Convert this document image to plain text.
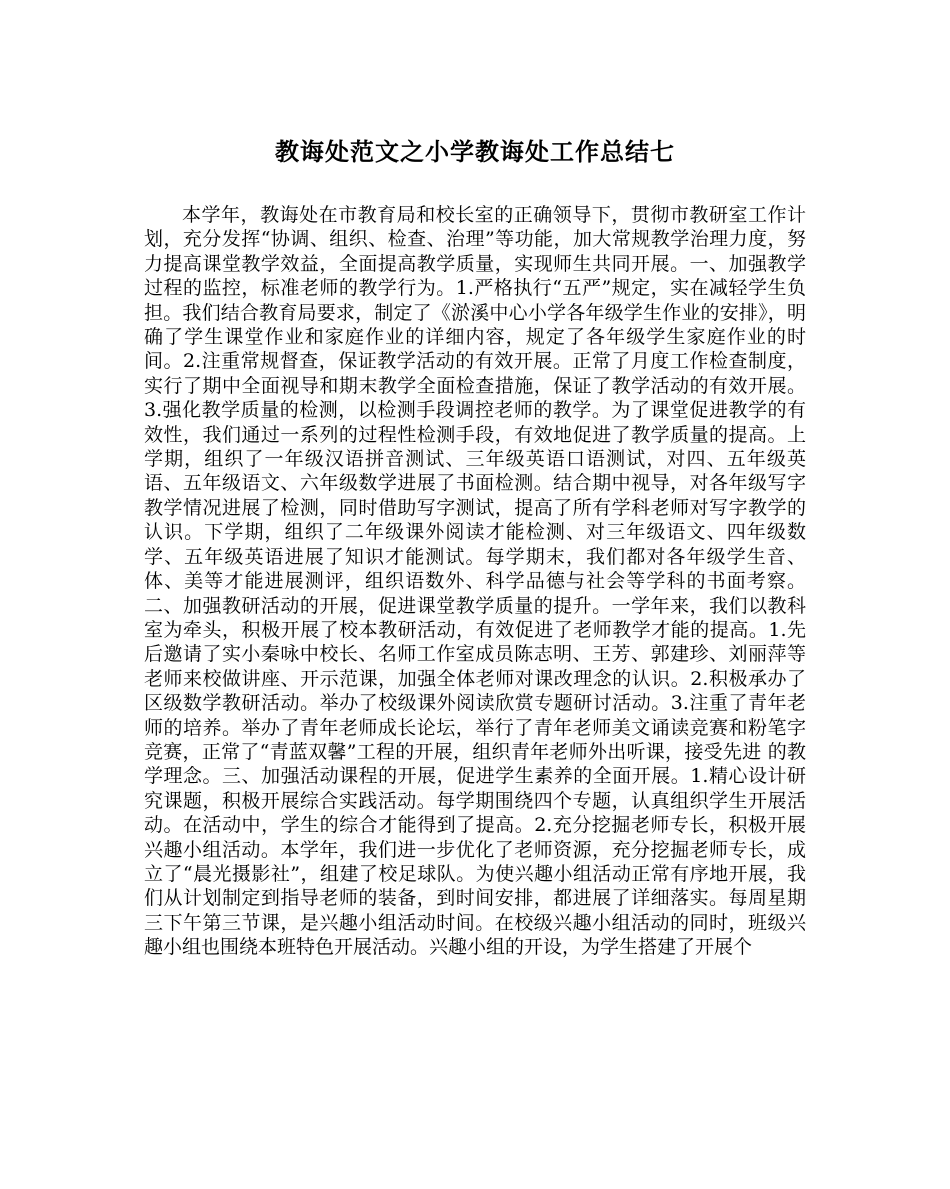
教诲处范文之小学教诲处工作总结七

本学年，教诲处在市教育局和校长室的正确领导下，贯彻市教研室工作计划，充分发挥“协调、组织、检查、治理”等功能，加大常规教学治理力度，努力提高课堂教学效益，全面提高教学质量，实现师生共同开展。一、加强教学过程的监控，标准老师的教学行为。1.严格执行“五严”规定，实在减轻学生负担。我们结合教育局要求，制定了《淤溪中心小学各年级学生作业的安排》，明确了学生课堂作业和家庭作业的详细内容，规定了各年级学生家庭作业的时间。2.注重常规督查，保证教学活动的有效开展。正常了月度工作检查制度，实行了期中全面视导和期末教学全面检查措施，保证了教学活动的有效开展。3.强化教学质量的检测，以检测手段调控老师的教学。为了课堂促进教学的有效性，我们通过一系列的过程性检测手段，有效地促进了教学质量的提高。上学期，组织了一年级汉语拼音测试、三年级英语口语测试，对四、五年级英语、五年级语文、六年级数学进展了书面检测。结合期中视导，对各年级写字教学情况进展了检测，同时借助写字测试，提高了所有学科老师对写字教学的认识。下学期，组织了二年级课外阅读才能检测、对三年级语文、四年级数学、五年级英语进展了知识才能测试。每学期末，我们都对各年级学生音、体、美等才能进展测评，组织语数外、科学品德与社会等学科的书面考察。二、加强教研活动的开展，促进课堂教学质量的提升。一学年来，我们以教科室为牵头，积极开展了校本教研活动，有效促进了老师教学才能的提高。1.先后邀请了实小秦咏中校长、名师工作室成员陈志明、王芳、郭建珍、刘丽萍等老师来校做讲座、开示范课，加强全体老师对课改理念的认识。2.积极承办了区级数学教研活动。举办了校级课外阅读欣赏专题研讨活动。3.注重了青年老师的培养。举办了青年老师成长论坛，举行了青年老师美文诵读竞赛和粉笔字竞赛，正常了“青蓝双馨”工程的开展，组织青年老师外出听课，接受先进 的教学理念。三、加强活动课程的开展，促进学生素养的全面开展。1.精心设计研究课题，积极开展综合实践活动。每学期围绕四个专题，认真组织学生开展活动。在活动中，学生的综合才能得到了提高。2.充分挖掘老师专长，积极开展兴趣小组活动。本学年，我们进一步优化了老师资源，充分挖掘老师专长，成立了“晨光摄影社”，组建了校足球队。为使兴趣小组活动正常有序地开展，我们从计划制定到指导老师的装备，到时间安排，都进展了详细落实。每周星期三下午第三节课，是兴趣小组活动时间。在校级兴趣小组活动的同时，班级兴趣小组也围绕本班特色开展活动。兴趣小组的开设，为学生搭建了开展个
